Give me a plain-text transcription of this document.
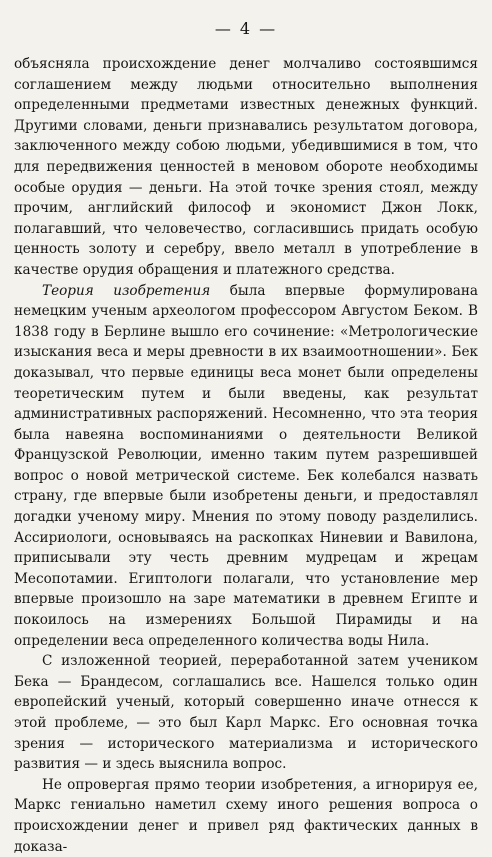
— 4 —

объясняла происхождение денег молчаливо состоявшимся соглашением между людьми относительно выполнения определенными предметами известных денежных функций. Другими словами, деньги признавались результатом договора, заключенного между собою людьми, убедившимися в том, что для передвижения ценностей в меновом обороте необходимы особые орудия — деньги. На этой точке зрения стоял, между прочим, английский философ и экономист Джон Локк, полагавший, что человечество, согласившись придать особую ценность золоту и серебру, ввело металл в употребление в качестве орудия обращения и платежного средства.

Теория изобретения была впервые формулирована немецким ученым археологом профессором Августом Беком. В 1838 году в Берлине вышло его сочинение: «Метрологические изыскания веса и меры древности в их взаимоотношении». Бек доказывал, что первые единицы веса монет были определены теоретическим путем и были введены, как результат административных распоряжений. Несомненно, что эта теория была навеяна воспоминаниями о деятельности Великой Французской Революции, именно таким путем разрешившей вопрос о новой метрической системе. Бек колебался назвать страну, где впервые были изобретены деньги, и предоставлял догадки ученому миру. Мнения по этому поводу разделились. Ассириологи, основываясь на раскопках Ниневии и Вавилона, приписывали эту честь древним мудрецам и жрецам Месопотамии. Египтологи полагали, что установление мер впервые произошло на заре математики в древнем Египте и покоилось на измерениях Большой Пирамиды и на определении веса определенного количества воды Нила.

С изложенной теорией, переработанной затем учеником Бека — Брандесом, соглашались все. Нашелся только один европейский ученый, который совершенно иначе отнесся к этой проблеме, — это был Карл Маркс. Его основная точка зрения — исторического материализма и исторического развития — и здесь выяснила вопрос.

Не опровергая прямо теории изобретения, а игнорируя ее, Маркс гениально наметил схему иного решения вопроса о происхождении денег и привел ряд фактических данных в доказа-
